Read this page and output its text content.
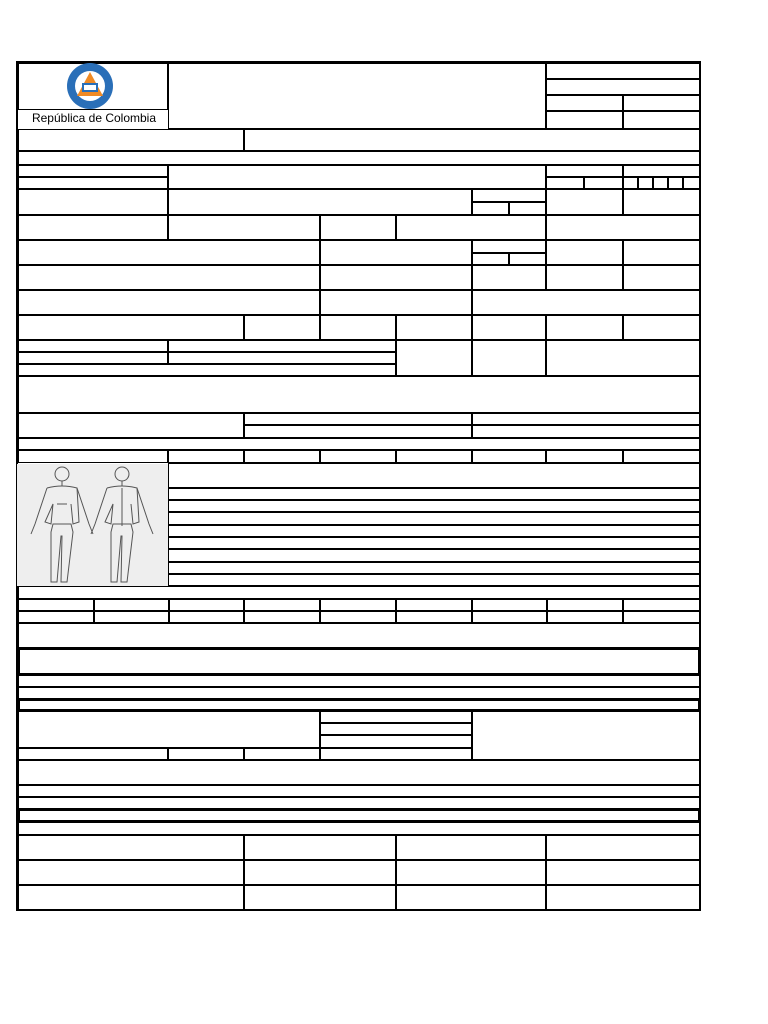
República de Colombia
